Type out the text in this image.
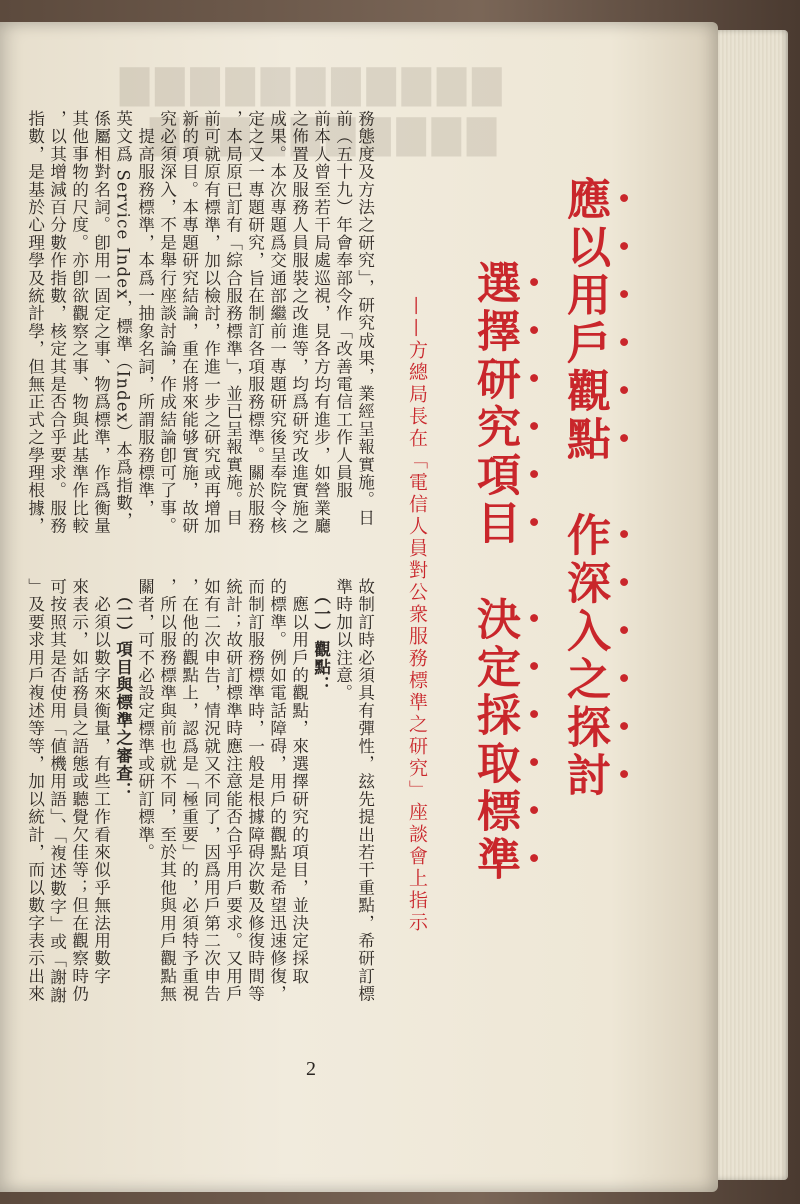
▇▇▇▇▇▇▇▇▇▇▇
▇▇▇▇▇▇▇▇▇▇
應以用戶觀點　作深入之探討
選擇研究項目　決定採取標準
——方總局長在「電信人員對公衆服務標準之研究」座談會上指示
故制訂時必須具有彈性，玆先提出若干重點，希研訂標
準時加以注意。
　（一）觀點：
　應以用戶的觀點，來選擇研究的項目，並決定採取
的標準。例如電話障碍，用戶的觀點是希望迅速修復，
而制訂服務標準時，一般是根據障碍次數及修復時間等
統計；故研訂標準時應注意能否合乎用戶要求。又用戶
如有二次申告，情況就又不同了，因爲用戶第二次申告
，在他的觀點上，認爲是「極重要」的，必須特予重視
，所以服務標準與前也就不同，至於其他與用戶觀點無
關者，可不必設定標準或研訂標準。
　（二）項目與標準之審查：
　必須以數字來衡量，有些工作看來似乎無法用數字
來表示，如話務員之語態或聽覺欠佳等；但在觀察時仍
可按照其是否使用「値機用語」、「複述數字」或「謝謝
」及要求用戶複述等等，加以統計，而以數字表示出來
務態度及方法之研究」，研究成果，業經呈報實施。日
前（五十九）年會奉部令作「改善電信工作人員服
前本人曾至若干局處巡視，見各方均有進步，如營業廳
之佈置及服務人員服裝之改進等，均爲研究改進實施之
成果。本次專題爲交通部繼前一專題研究後呈奉院令核
定之又一專題研究，旨在制訂各項服務標準。關於服務
，本局原已訂有「綜合服務標準」，並已呈報實施。目
前可就原有標準，加以檢討，作進一步之研究或再增加
新的項目。本專題研究結論，重在將來能够實施，故研
究必須深入，不是舉行座談討論，作成結論卽可了事。
　提高服務標準，本爲一抽象名詞，所謂服務標準，
英文爲 Service Index，標準（Index）本爲指數，
係屬相對名詞。卽用一固定之事、物爲標準，作爲衡量
其他事物的尺度。亦卽欲觀察之事、物與此基準作比較
，以其增減百分數作指數，核定其是否合乎要求。服務
指數，是基於心理學及統計學，但無正式之學理根據，
2
